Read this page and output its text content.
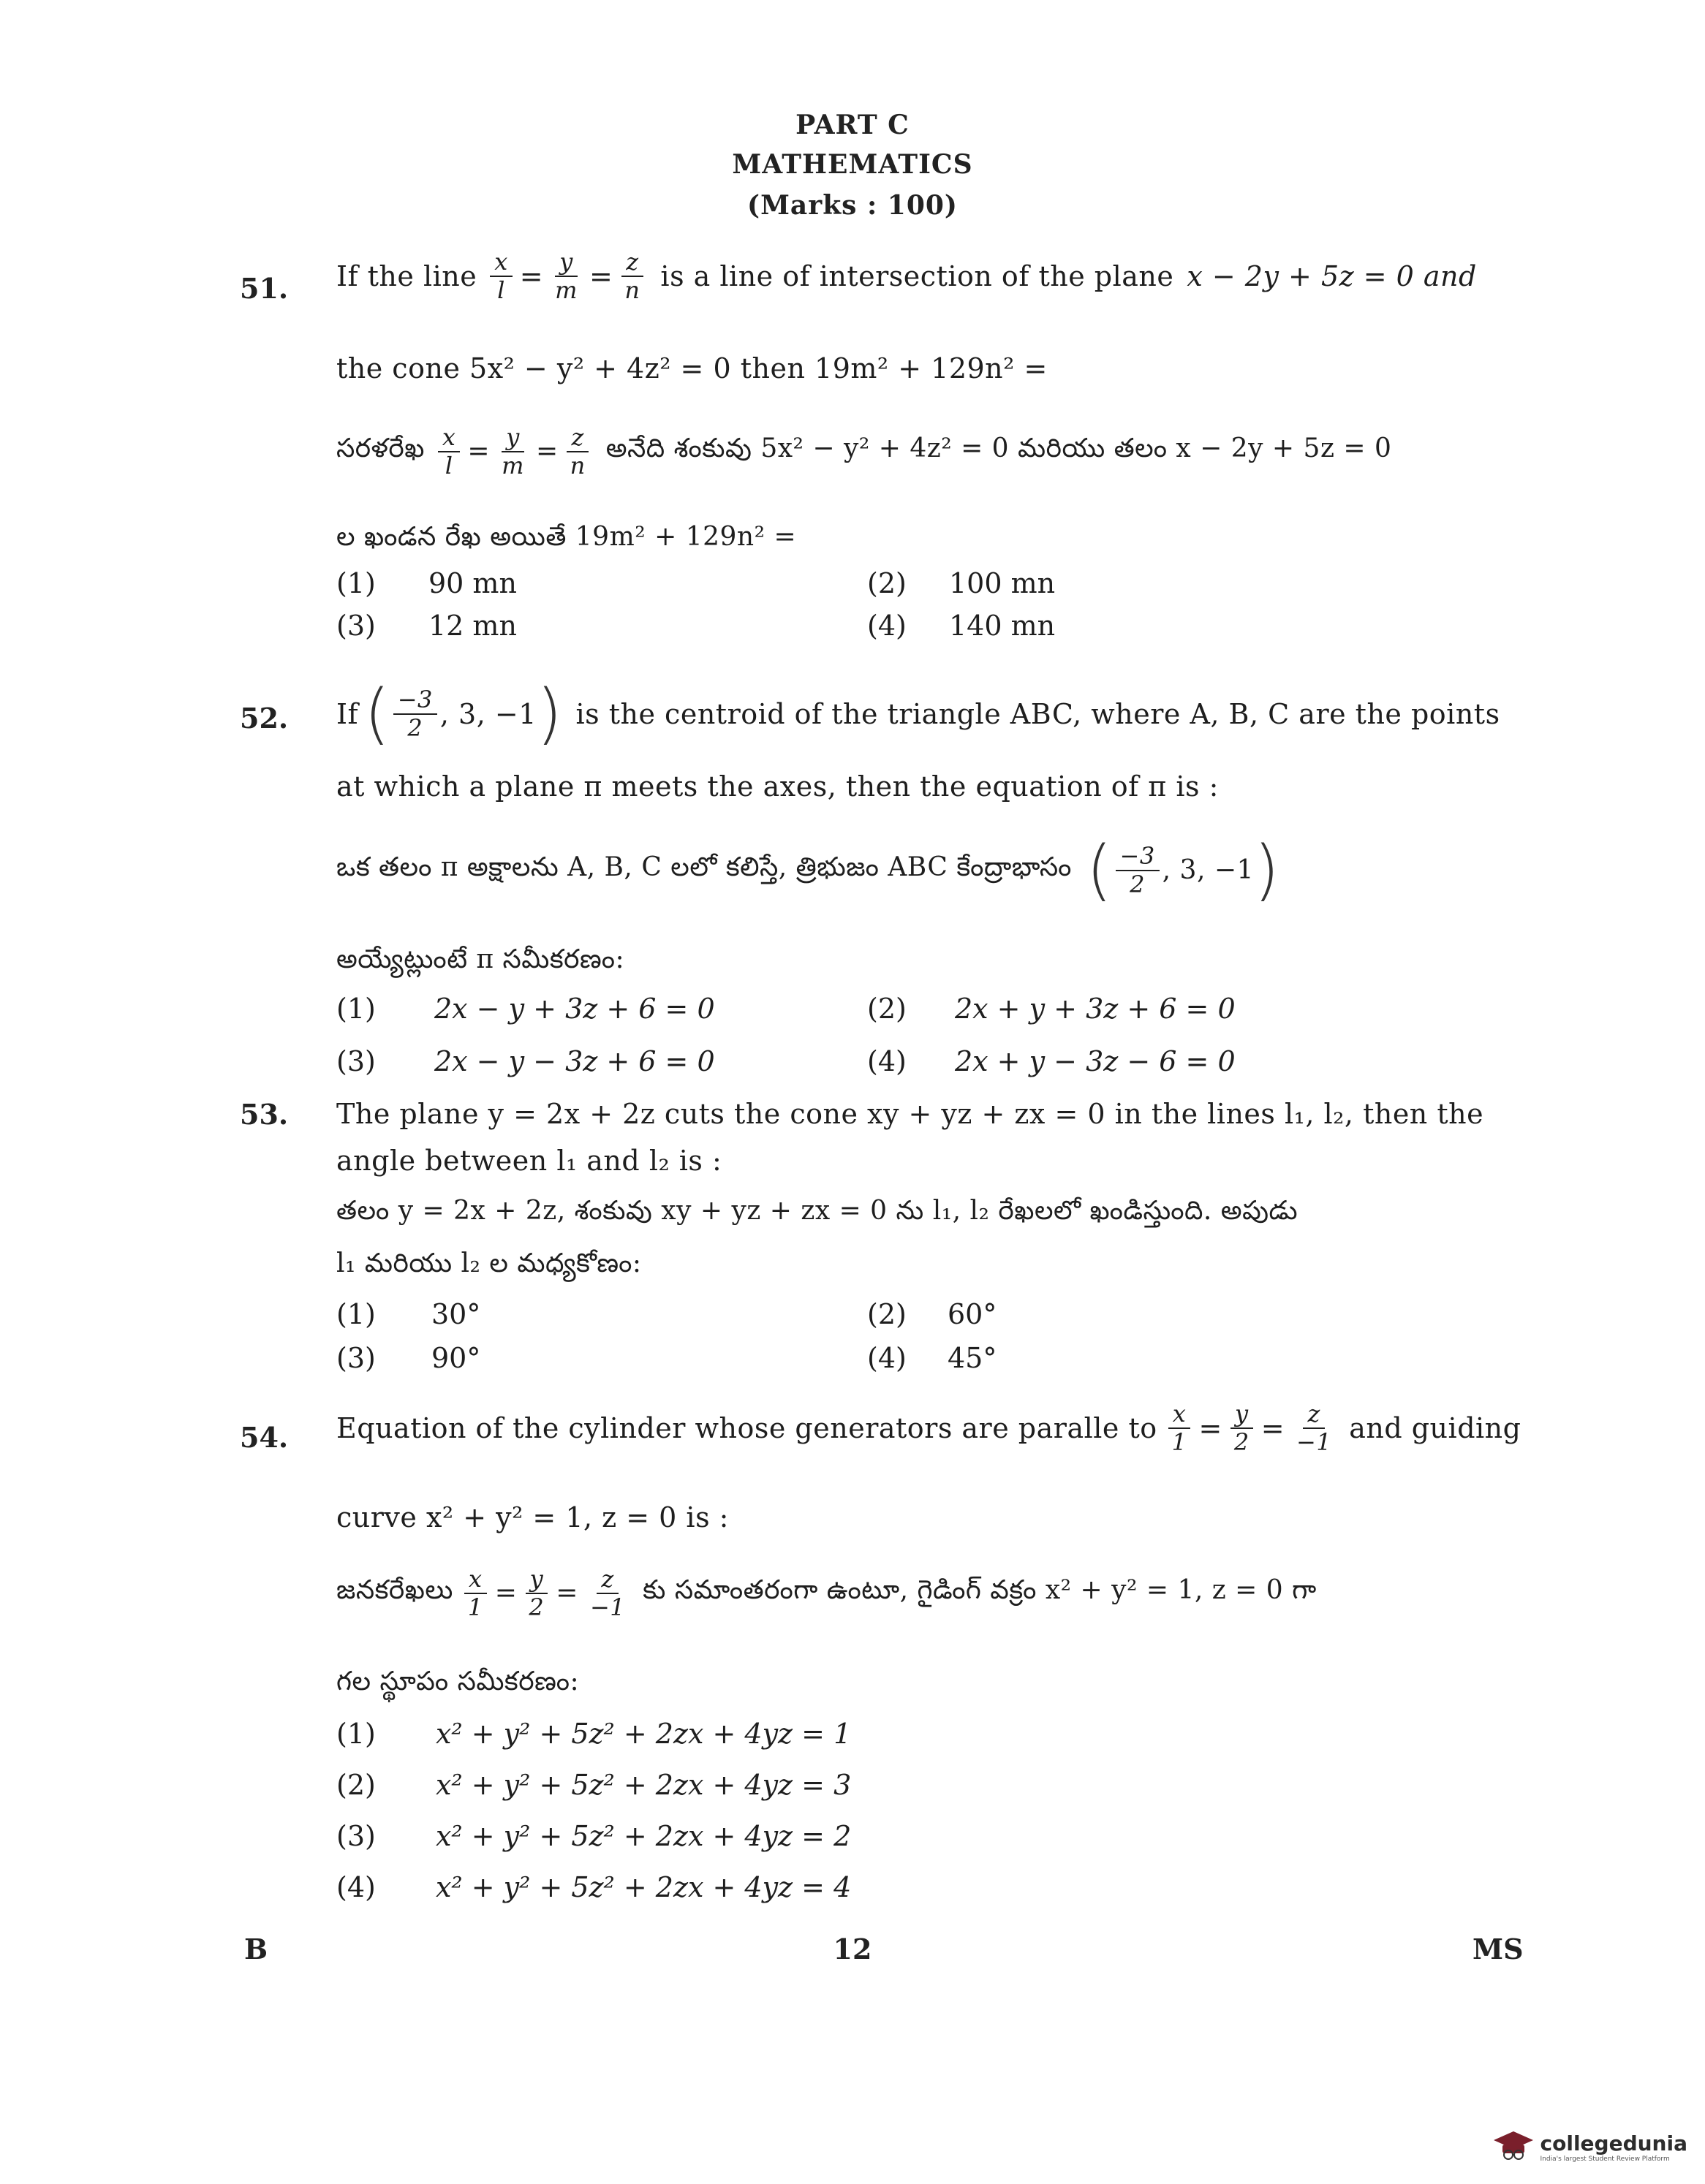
PART C
MATHEMATICS
(Marks : 100)
51. If the line $\frac{x}{l} = \frac{y}{m} = \frac{z}{n}$ is a line of intersection of the plane x − 2y + 5z = 0 and
the cone 5x² − y² + 4z² = 0 then 19m² + 129n² =
సరళరేఖ $\frac{x}{l} = \frac{y}{m} = \frac{z}{n}$ అనేది శంకువు 5x² − y² + 4z² = 0 మరియు తలం x − 2y + 5z = 0
ల ఖండన రేఖ అయితే 19m² + 129n² =
(1) 90 mn	(2) 100 mn
(3) 12 mn	(4) 140 mn
52. If ( $\frac{-3}{2}$ , 3, −1 ) is the centroid of the triangle ABC, where A, B, C are the points
at which a plane π meets the axes, then the equation of π is :
ఒక తలం π అక్షాలను A, B, C లలో కలిస్తే, త్రిభుజం ABC కేంద్రాభాసం ( $\frac{-3}{2}$ , 3, −1 )
అయ్యేట్లుంటే π సమీకరణం:
(1) 2x − y + 3z + 6 = 0	(2) 2x + y + 3z + 6 = 0
(3) 2x − y − 3z + 6 = 0	(4) 2x + y − 3z − 6 = 0
53. The plane y = 2x + 2z cuts the cone xy + yz + zx = 0 in the lines l₁, l₂, then the
angle between l₁ and l₂ is :
తలం y = 2x + 2z, శంకువు xy + yz + zx = 0 ను l₁, l₂ రేఖలలో ఖండిస్తుంది. అపుడు
l₁ మరియు l₂ ల మధ్యకోణం:
(1) 30°	(2) 60°
(3) 90°	(4) 45°
54. Equation of the cylinder whose generators are paralle to $\frac{x}{1} = \frac{y}{2} = \frac{z}{-1}$ and guiding
curve x² + y² = 1, z = 0 is :
జనకరేఖలు $\frac{x}{1} = \frac{y}{2} = \frac{z}{-1}$ కు సమాంతరంగా ఉంటూ, గైడింగ్ వక్రం x² + y² = 1, z = 0 గా
గల స్థూపం సమీకరణం:
(1) x² + y² + 5z² + 2zx + 4yz = 1
(2) x² + y² + 5z² + 2zx + 4yz = 3
(3) x² + y² + 5z² + 2zx + 4yz = 2
(4) x² + y² + 5z² + 2zx + 4yz = 4
B	12	MS
collegedunia
India's largest Student Review Platform
